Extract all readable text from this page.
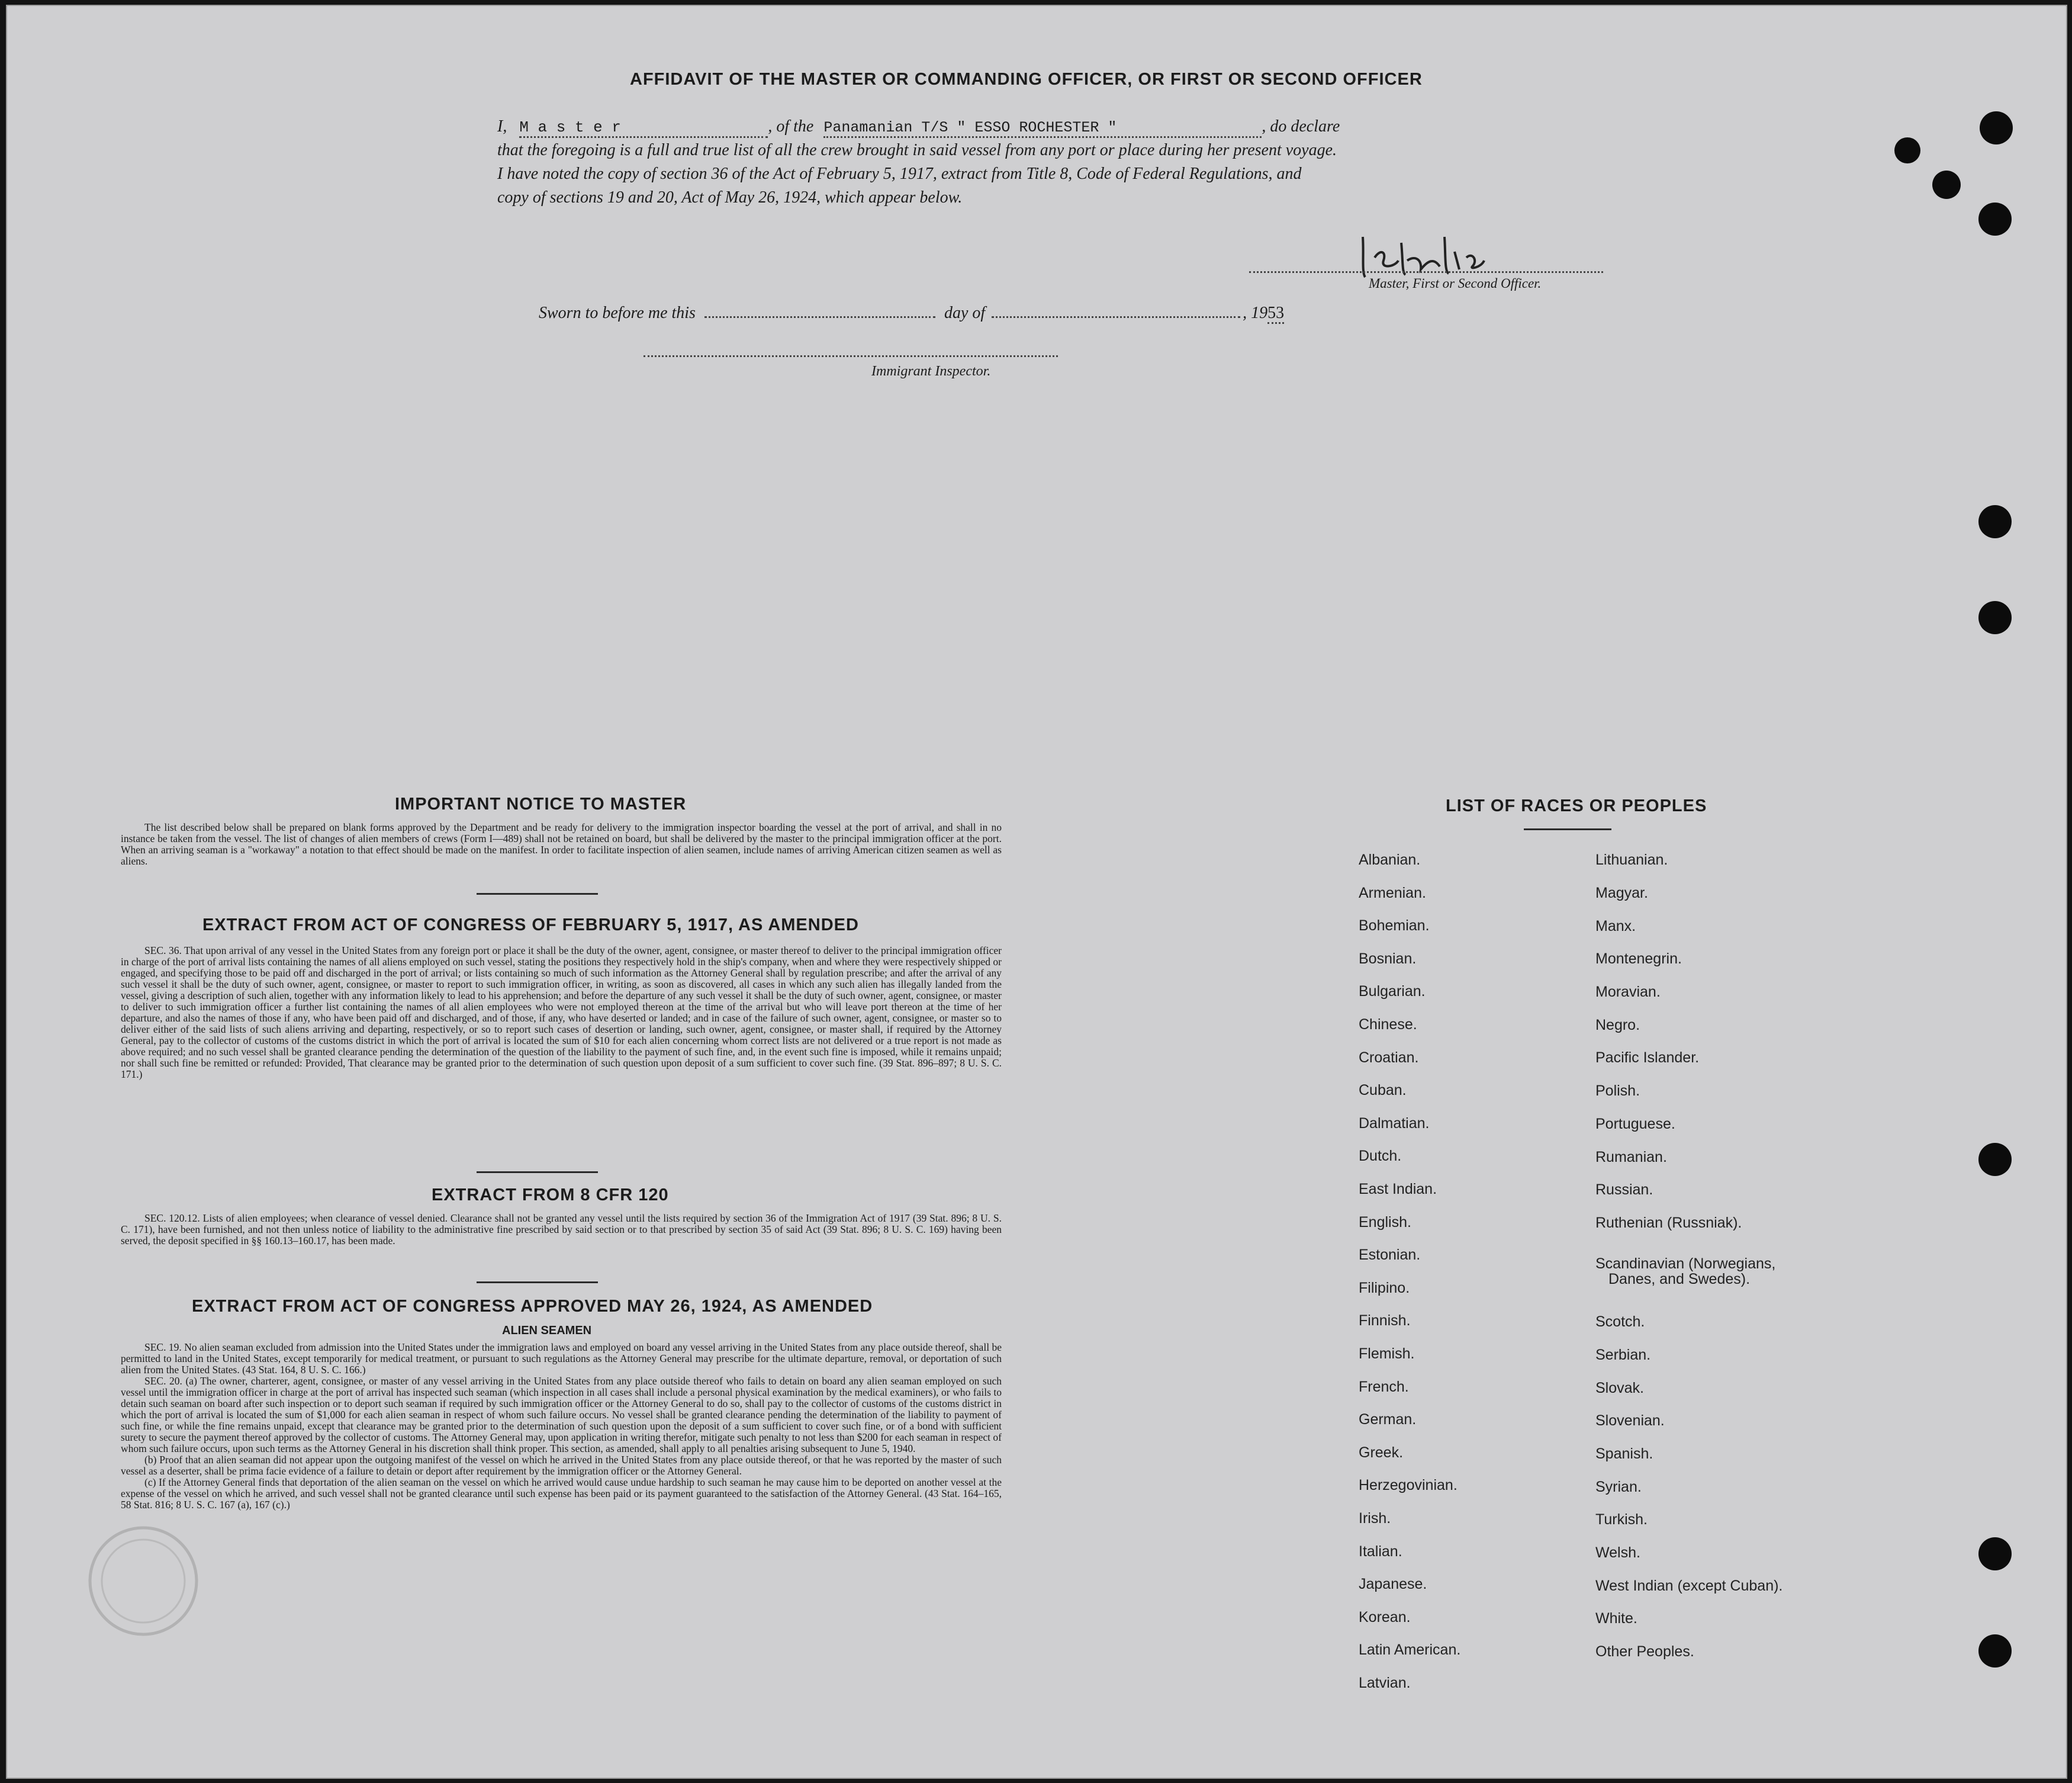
AFFIDAVIT OF THE MASTER OR COMMANDING OFFICER, OR FIRST OR SECOND OFFICER
I, M a s t e r	, of the Panamanian T/S " ESSO ROCHESTER "	, do declare
that the foregoing is a full and true list of all the crew brought in said vessel from any port or place during her present voyage.
I have noted the copy of section 36 of the Act of February 5, 1917, extract from Title 8, Code of Federal Regulations, and
copy of sections 19 and 20, Act of May 26, 1924, which appear below.
Master, First or Second Officer.
Sworn to before me this	day of	, 1953
Immigrant Inspector.
IMPORTANT NOTICE TO MASTER
The list described below shall be prepared on blank forms approved by the Department and be ready for delivery to the immigration inspector boarding the vessel at the port of arrival, and shall in no instance be taken from the vessel. The list of changes of alien members of crews (Form I—489) shall not be retained on board, but shall be delivered by the master to the principal immigration officer at the port. When an arriving seaman is a "workaway" a notation to that effect should be made on the manifest. In order to facilitate inspection of alien seamen, include names of arriving American citizen seamen as well as aliens.
EXTRACT FROM ACT OF CONGRESS OF FEBRUARY 5, 1917, AS AMENDED
SEC. 36. That upon arrival of any vessel in the United States from any foreign port or place it shall be the duty of the owner, agent, consignee, or master thereof to deliver to the principal immigration officer in charge of the port of arrival lists containing the names of all aliens employed on such vessel, stating the positions they respectively hold in the ship's company, when and where they were respectively shipped or engaged, and specifying those to be paid off and discharged in the port of arrival; or lists containing so much of such information as the Attorney General shall by regulation prescribe; and after the arrival of any such vessel it shall be the duty of such owner, agent, consignee, or master to report to such immigration officer, in writing, as soon as discovered, all cases in which any such alien has illegally landed from the vessel, giving a description of such alien, together with any information likely to lead to his apprehension; and before the departure of any such vessel it shall be the duty of such owner, agent, consignee, or master to deliver to such immigration officer a further list containing the names of all alien employees who were not employed thereon at the time of the arrival but who will leave port thereon at the time of her departure, and also the names of those if any, who have been paid off and discharged, and of those, if any, who have deserted or landed; and in case of the failure of such owner, agent, consignee, or master so to deliver either of the said lists of such aliens arriving and departing, respectively, or so to report such cases of desertion or landing, such owner, agent, consignee, or master shall, if required by the Attorney General, pay to the collector of customs of the customs district in which the port of arrival is located the sum of $10 for each alien concerning whom correct lists are not delivered or a true report is not made as above required; and no such vessel shall be granted clearance pending the determination of the question of the liability to the payment of such fine, and, in the event such fine is imposed, while it remains unpaid; nor shall such fine be remitted or refunded: Provided, That clearance may be granted prior to the determination of such question upon deposit of a sum sufficient to cover such fine. (39 Stat. 896–897; 8 U. S. C. 171.)
EXTRACT FROM 8 CFR 120
SEC. 120.12. Lists of alien employees; when clearance of vessel denied. Clearance shall not be granted any vessel until the lists required by section 36 of the Immigration Act of 1917 (39 Stat. 896; 8 U. S. C. 171), have been furnished, and not then unless notice of liability to the administrative fine prescribed by said section or to that prescribed by section 35 of said Act (39 Stat. 896; 8 U. S. C. 169) having been served, the deposit specified in §§ 160.13–160.17, has been made.
EXTRACT FROM ACT OF CONGRESS APPROVED MAY 26, 1924, AS AMENDED
ALIEN SEAMEN
SEC. 19. No alien seaman excluded from admission into the United States under the immigration laws and employed on board any vessel arriving in the United States from any place outside thereof, shall be permitted to land in the United States, except temporarily for medical treatment, or pursuant to such regulations as the Attorney General may prescribe for the ultimate departure, removal, or deportation of such alien from the United States. (43 Stat. 164, 8 U. S. C. 166.)
SEC. 20. (a) The owner, charterer, agent, consignee, or master of any vessel arriving in the United States from any place outside thereof who fails to detain on board any alien seaman employed on such vessel until the immigration officer in charge at the port of arrival has inspected such seaman (which inspection in all cases shall include a personal physical examination by the medical examiners), or who fails to detain such seaman on board after such inspection or to deport such seaman if required by such immigration officer or the Attorney General to do so, shall pay to the collector of customs of the customs district in which the port of arrival is located the sum of $1,000 for each alien seaman in respect of whom such failure occurs. No vessel shall be granted clearance pending the determination of the liability to payment of such fine, or while the fine remains unpaid, except that clearance may be granted prior to the determination of such question upon the deposit of a sum sufficient to cover such fine, or of a bond with sufficient surety to secure the payment thereof approved by the collector of customs. The Attorney General may, upon application in writing therefor, mitigate such penalty to not less than $200 for each seaman in respect of whom such failure occurs, upon such terms as the Attorney General in his discretion shall think proper. This section, as amended, shall apply to all penalties arising subsequent to June 5, 1940.
(b) Proof that an alien seaman did not appear upon the outgoing manifest of the vessel on which he arrived in the United States from any place outside thereof, or that he was reported by the master of such vessel as a deserter, shall be prima facie evidence of a failure to detain or deport after requirement by the immigration officer or the Attorney General.
(c) If the Attorney General finds that deportation of the alien seaman on the vessel on which he arrived would cause undue hardship to such seaman he may cause him to be deported on another vessel at the expense of the vessel on which he arrived, and such vessel shall not be granted clearance until such expense has been paid or its payment guaranteed to the satisfaction of the Attorney General. (43 Stat. 164–165, 58 Stat. 816; 8 U. S. C. 167 (a), 167 (c).)
LIST OF RACES OR PEOPLES
Albanian.
Armenian.
Bohemian.
Bosnian.
Bulgarian.
Chinese.
Croatian.
Cuban.
Dalmatian.
Dutch.
East Indian.
English.
Estonian.
Filipino.
Finnish.
Flemish.
French.
German.
Greek.
Herzegovinian.
Irish.
Italian.
Japanese.
Korean.
Latin American.
Latvian.
Lithuanian.
Magyar.
Manx.
Montenegrin.
Moravian.
Negro.
Pacific Islander.
Polish.
Portuguese.
Rumanian.
Russian.
Ruthenian (Russniak).
Scandinavian (Norwegians,
Danes, and Swedes).
Scotch.
Serbian.
Slovak.
Slovenian.
Spanish.
Syrian.
Turkish.
Welsh.
West Indian (except Cuban).
White.
Other Peoples.
